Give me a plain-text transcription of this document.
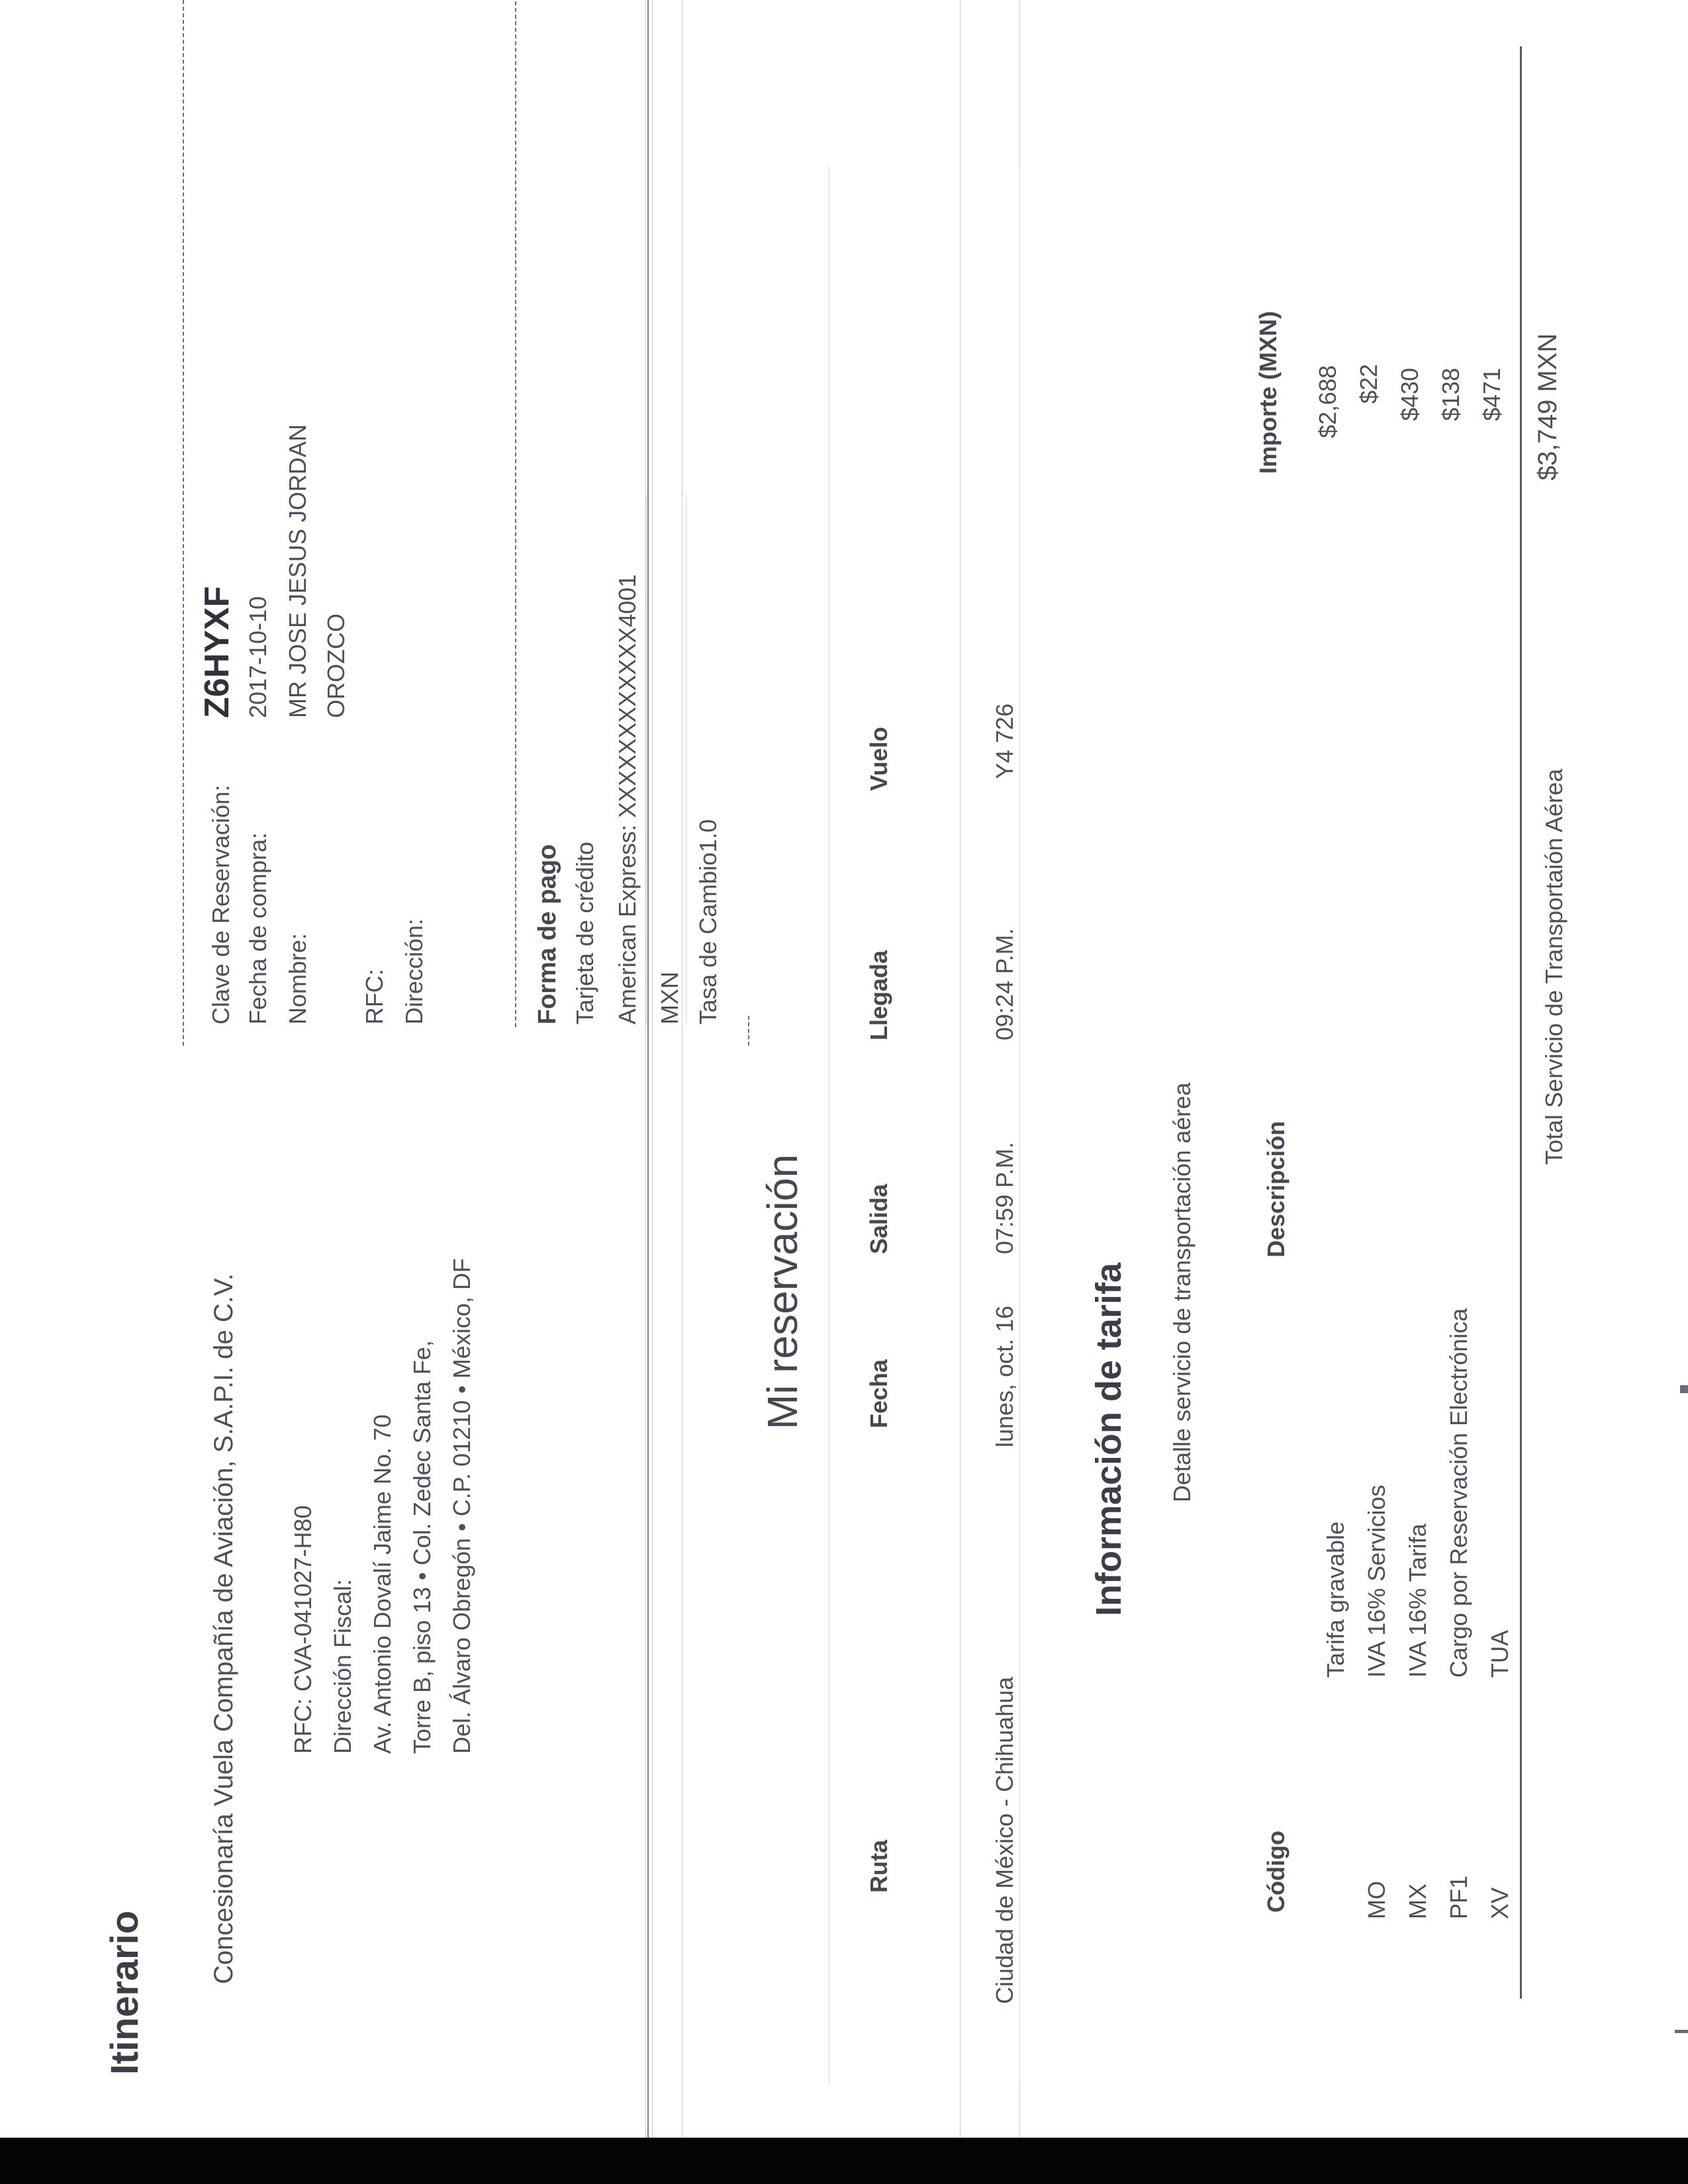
Itinerario
Concesionaría Vuela Compañía de Aviación, S.A.P.I. de C.V. RFC: CVA-041027-H80 Dirección Fiscal: Av. Antonio Dovalí Jaime No. 70 Torre B, piso 13 • Col. Zedec Santa Fe, Del. Álvaro Obregón • C.P. 01210 • México, DF
Clave de Reservación:
Z6HYXF
Fecha de compra:
2017-10-10
Nombre:
MR JOSE JESUS JORDAN OROZCO
RFC: Dirección:	Forma de pago Tarjeta de crédito American Express: XXXXXXXXXXXX4001 MXN Tasa de Cambio1.0
Mi reservación
Ruta
Fecha
Salida
Llegada
Vuelo
Ciudad de México - Chihuahua
lunes, oct. 16
07:59 P.M.
09:24 P.M.
Y4 726
Información de tarifa Detalle servicio de transportación aérea
Código
Descripción
Importe (MXN)
Tarifa gravable
$2,688
MO
IVA 16% Servicios
$22
MX
IVA 16% Tarifa
$430
PF1
Cargo por Reservación Electrónica
$138
XV
TUA
$471
Total Servicio de Transportaión Aérea
$3,749 MXN
